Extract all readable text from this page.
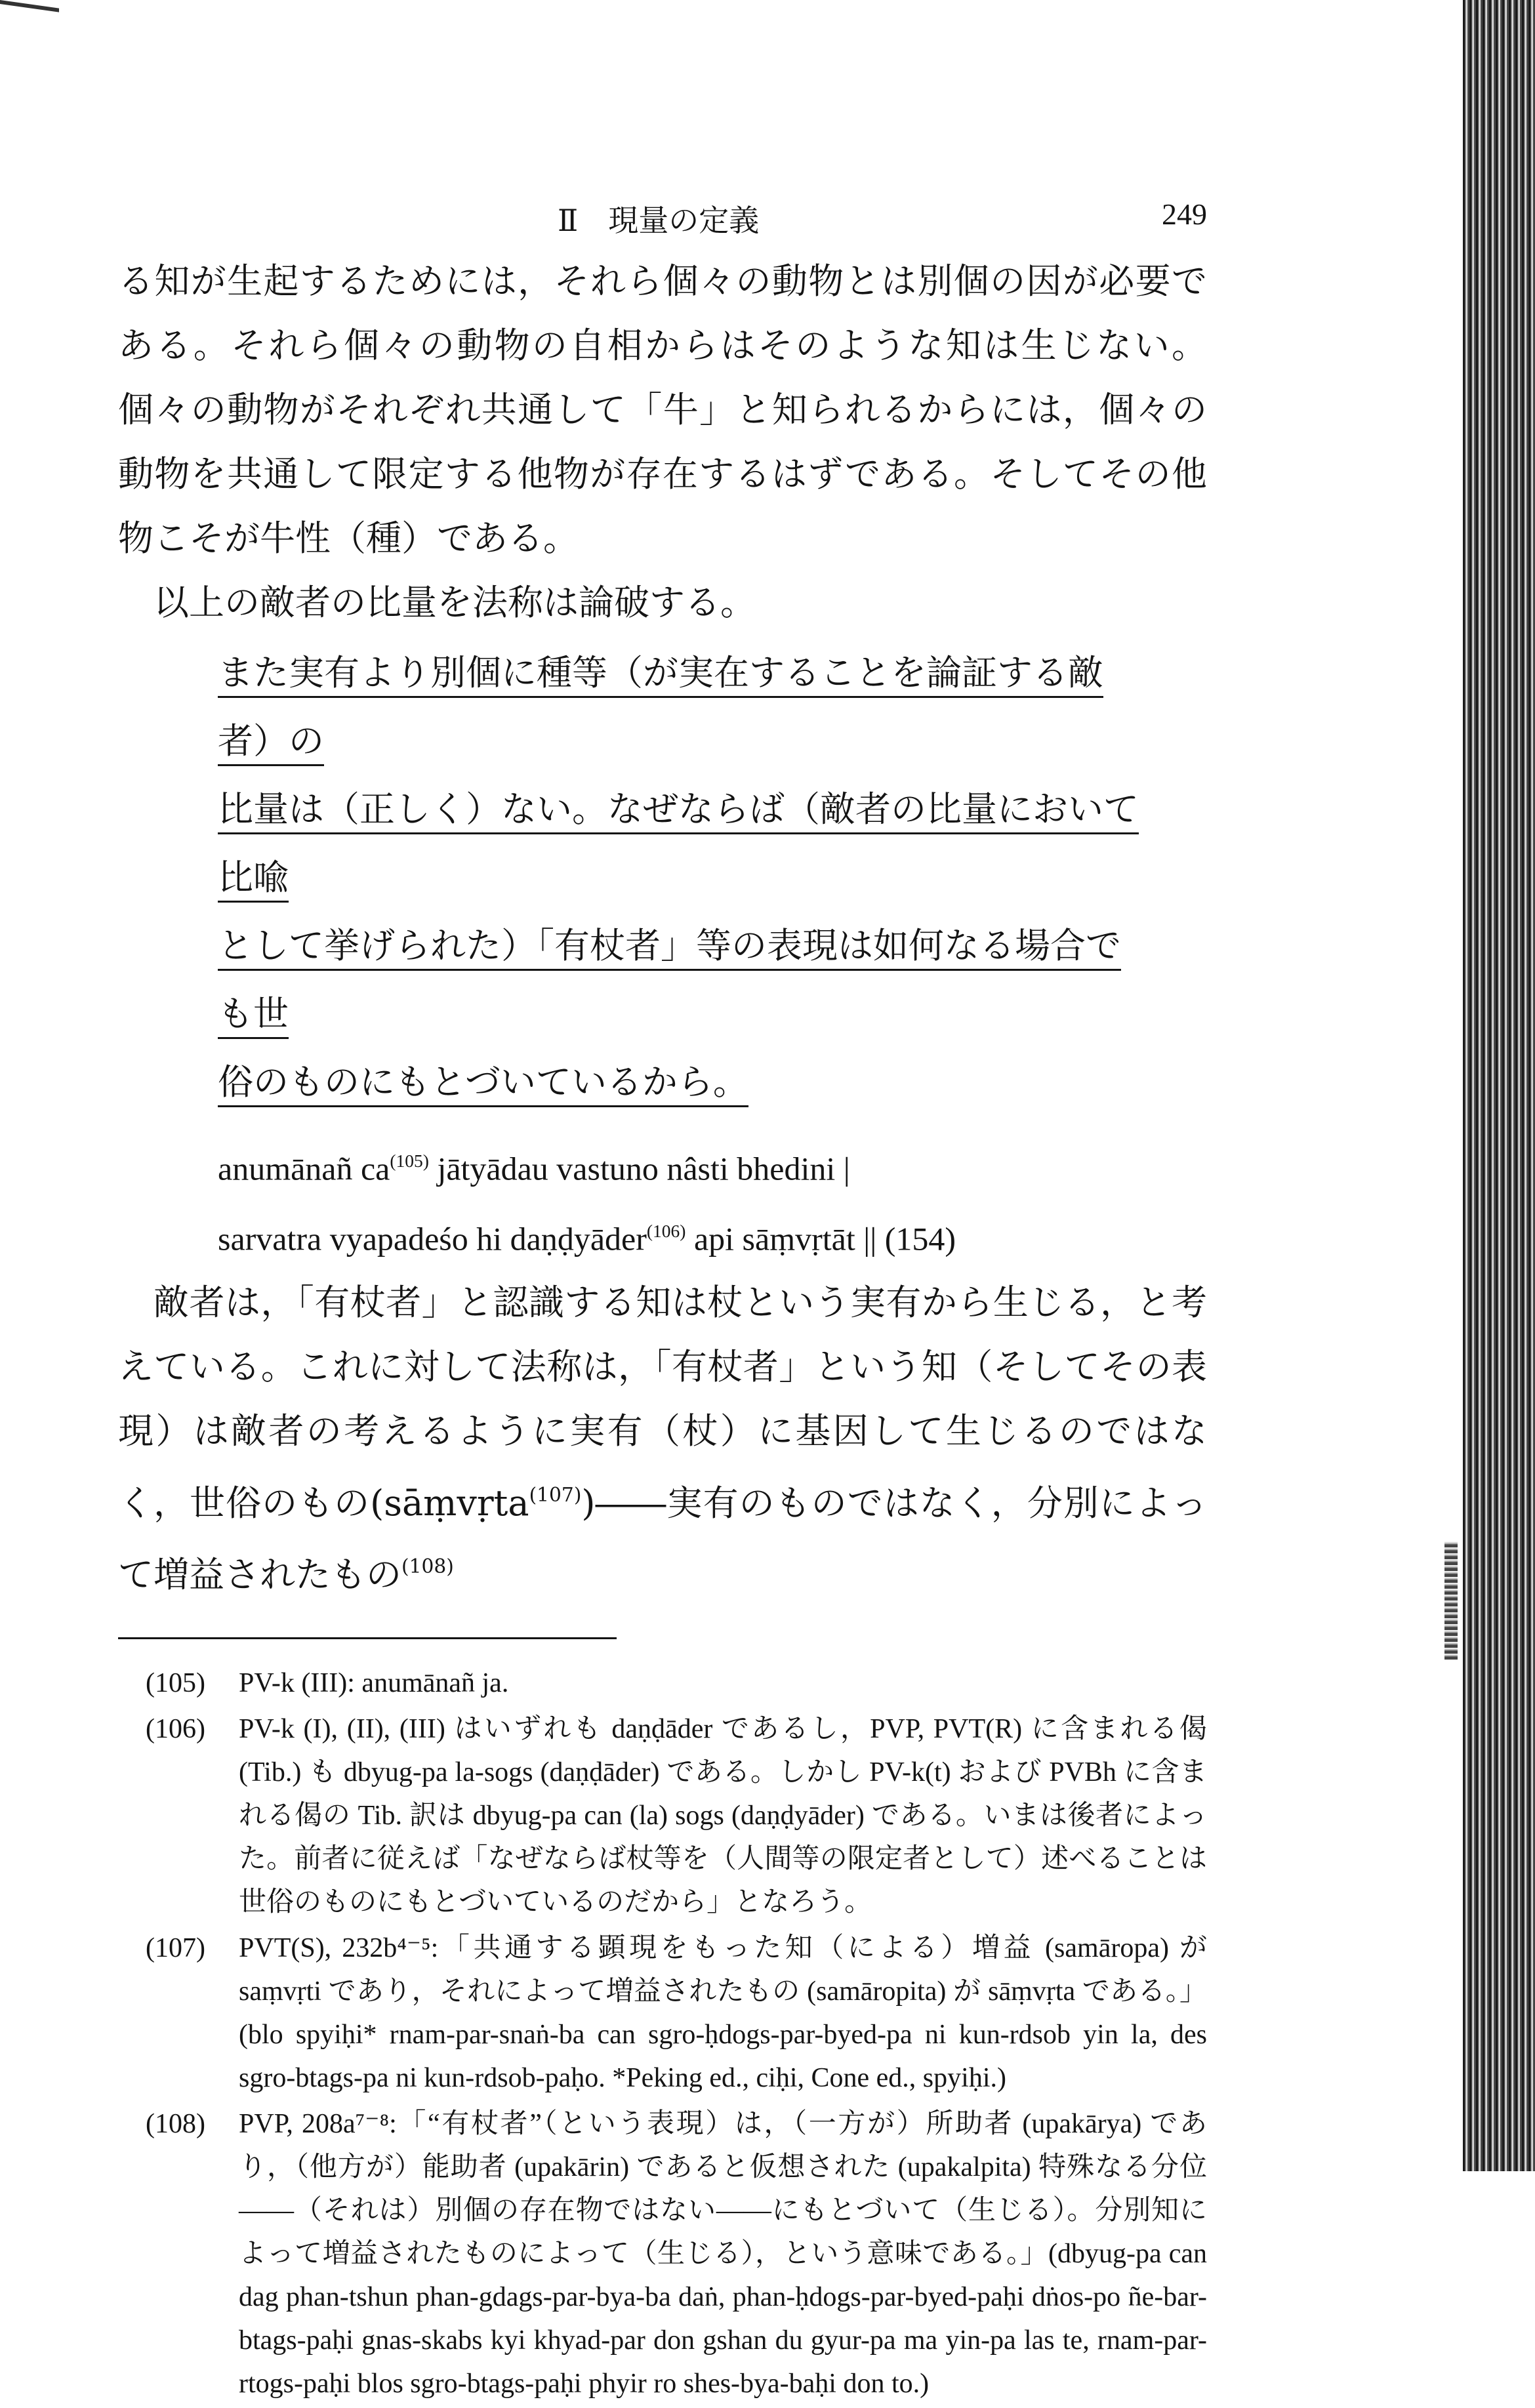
Ⅱ　現量の定義	249

る知が生起するためには，それら個々の動物とは別個の因が必要である。それら個々の動物の自相からはそのような知は生じない。個々の動物がそれぞれ共通して「牛」と知られるからには，個々の動物を共通して限定する他物が存在するはずである。そしてその他物こそが牛性（種）である。

以上の敵者の比量を法称は論破する。

また実有より別個に種等（が実在することを論証する敵者）の
比量は（正しく）ない。なぜならば（敵者の比量において比喩
として挙げられた）「有杖者」等の表現は如何なる場合でも世
俗のものにもとづいているから。
anumānañ $ca^{(105)}$ jātyādau vastuno nâsti bhedini |
sarvatra vyapadeśo hi daṇḍyāder$^{(106)}$ api sāṃvṛtāt || (154)

敵者は，「有杖者」と認識する知は杖という実有から生じる，と考えている。これに対して法称は，「有杖者」という知（そしてその表現）は敵者の考えるように実有（杖）に基因して生じるのではなく，世俗のもの(sāṃvṛta$^{(107)}$)――実有のものではなく，分別によって増益されたもの$^{(108)}$

(105)	PV-k (III): anumānañ ja.
(106)	PV-k (I), (II), (III) はいずれも daṇḍāder であるし，PVP, PVT(R) に含まれる偈 (Tib.) も dbyug-pa la-sogs (daṇḍāder) である。しかし PV-k(t) および PVBh に含まれる偈の Tib. 訳は dbyug-pa can (la) sogs (daṇḍyāder) である。いまは後者によった。前者に従えば「なぜならば杖等を（人間等の限定者として）述べることは世俗のものにもとづいているのだから」となろう。
(107)	PVT(S), 232b⁴⁻⁵:「共通する顕現をもった知（による）増益 (samāropa) が saṃvṛti であり，それによって増益されたもの (samāropita) が sāṃvṛta である。」(blo spyiḥi* rnam-par-snaṅ-ba can sgro-ḥdogs-par-byed-pa ni kun-rdsob yin la, des sgro-btags-pa ni kun-rdsob-paḥo. *Peking ed., ciḥi, Cone ed., spyiḥi.)
(108)	PVP, 208a⁷⁻⁸:「“有杖者”（という表現）は，（一方が）所助者 (upakārya) であり，（他方が）能助者 (upakārin) であると仮想された (upakalpita) 特殊なる分位――（それは）別個の存在物ではない――にもとづいて（生じる）。分別知によって増益されたものによって（生じる），という意味である。」(dbyug-pa can dag phan-tshun phan-gdags-par-bya-ba daṅ, phan-ḥdogs-par-byed-paḥi dṅos-po ñe-bar-btags-paḥi gnas-skabs kyi khyad-par don gshan du gyur-pa ma yin-pa las te, rnam-par-rtogs-paḥi blos sgro-btags-paḥi phyir ro shes-bya-baḥi don to.)
